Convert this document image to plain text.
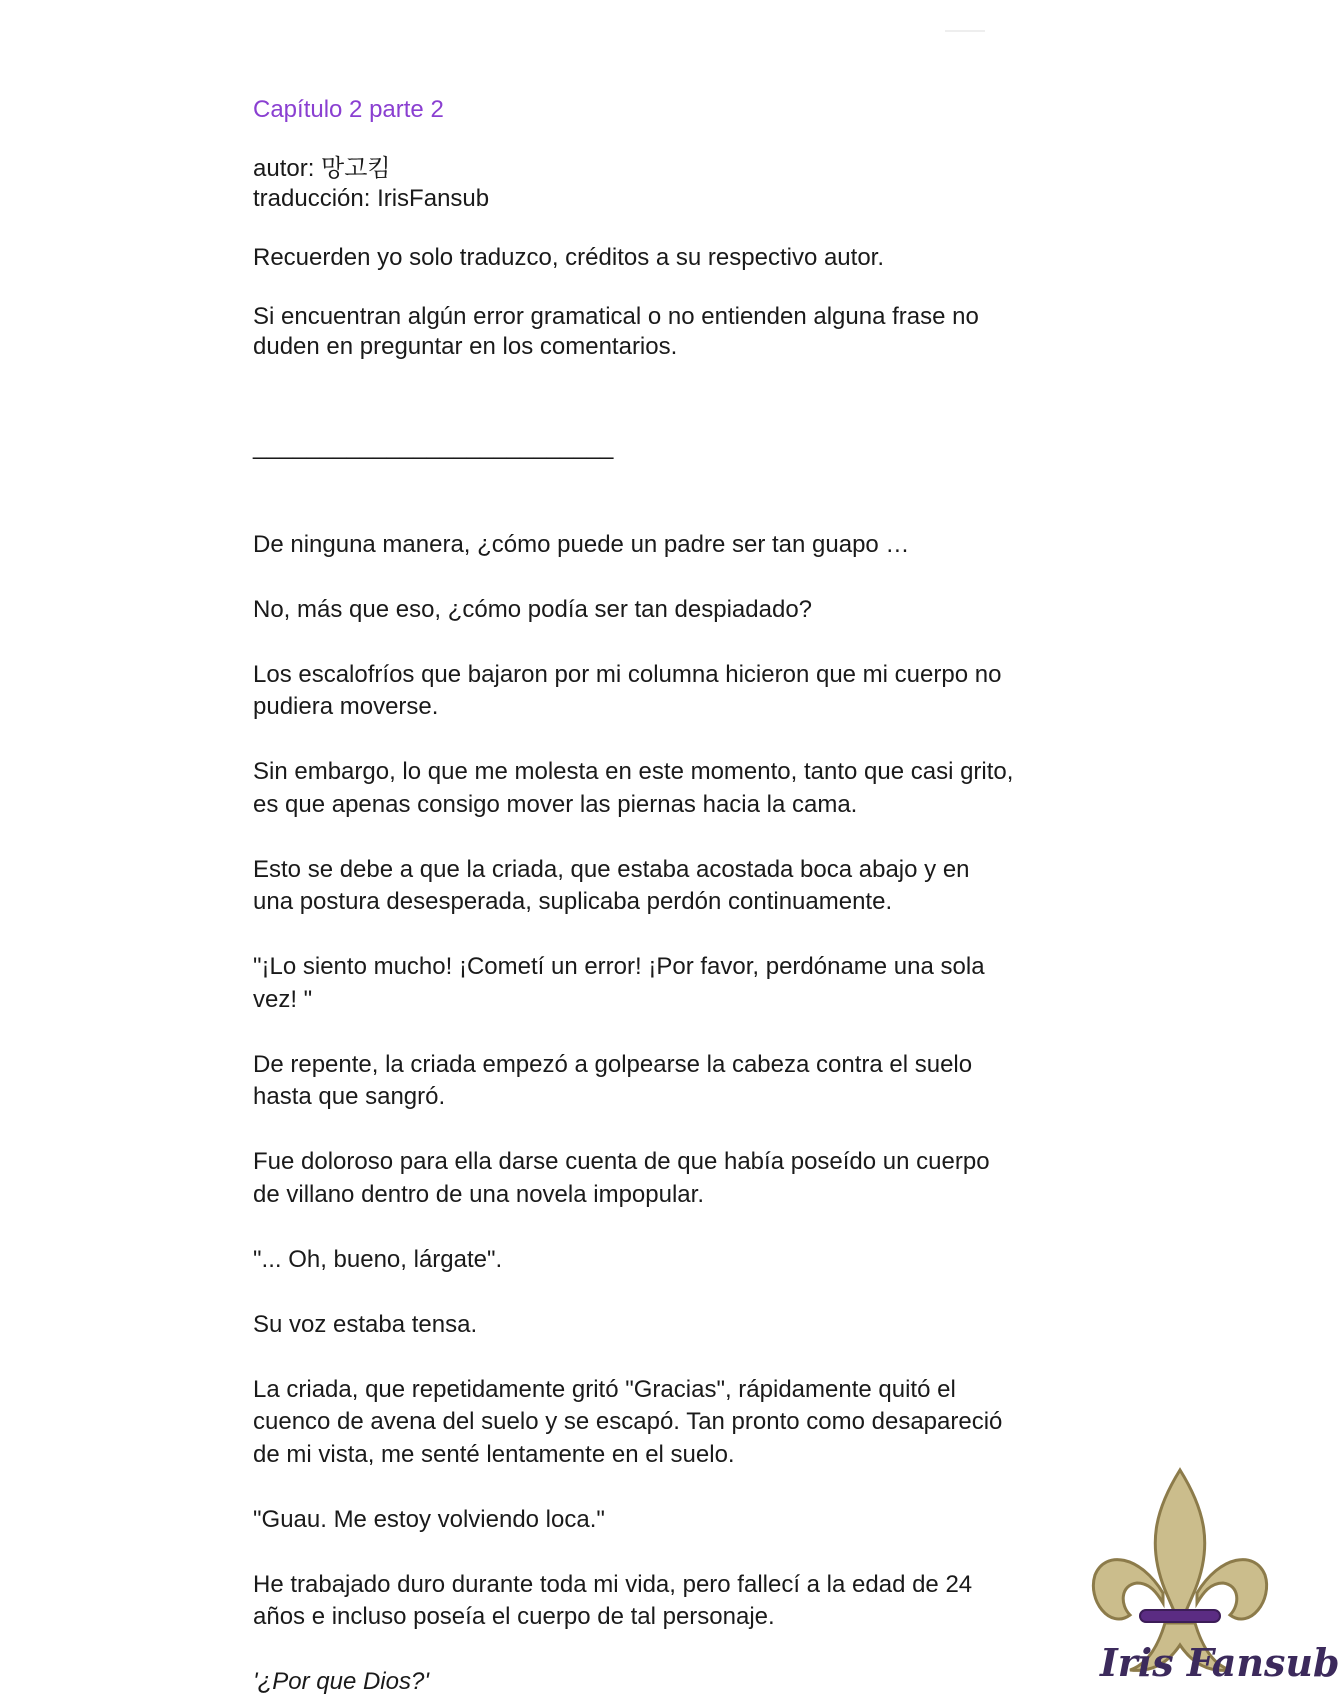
Capítulo 2 parte 2
autor: 망고킴
traducción: IrisFansub
Recuerden yo solo traduzco, créditos a su respectivo autor.
Si encuentran algún error gramatical o no entienden alguna frase no
duden en preguntar en los comentarios.
___________________________
De ninguna manera, ¿cómo puede un padre ser tan guapo …
No, más que eso, ¿cómo podía ser tan despiadado?
Los escalofríos que bajaron por mi columna hicieron que mi cuerpo no
pudiera moverse.
Sin embargo, lo que me molesta en este momento, tanto que casi grito,
es que apenas consigo mover las piernas hacia la cama.
Esto se debe a que la criada, que estaba acostada boca abajo y en
una postura desesperada, suplicaba perdón continuamente.
"¡Lo siento mucho! ¡Cometí un error! ¡Por favor, perdóname una sola
vez! "
De repente, la criada empezó a golpearse la cabeza contra el suelo
hasta que sangró.
Fue doloroso para ella darse cuenta de que había poseído un cuerpo
de villano dentro de una novela impopular.
"... Oh, bueno, lárgate".
Su voz estaba tensa.
La criada, que repetidamente gritó "Gracias", rápidamente quitó el
cuenco de avena del suelo y se escapó. Tan pronto como desapareció
de mi vista, me senté lentamente en el suelo.
"Guau. Me estoy volviendo loca."
He trabajado duro durante toda mi vida, pero fallecí a la edad de 24
años e incluso poseía el cuerpo de tal personaje.
'¿Por que Dios?'	Iris Fansub
